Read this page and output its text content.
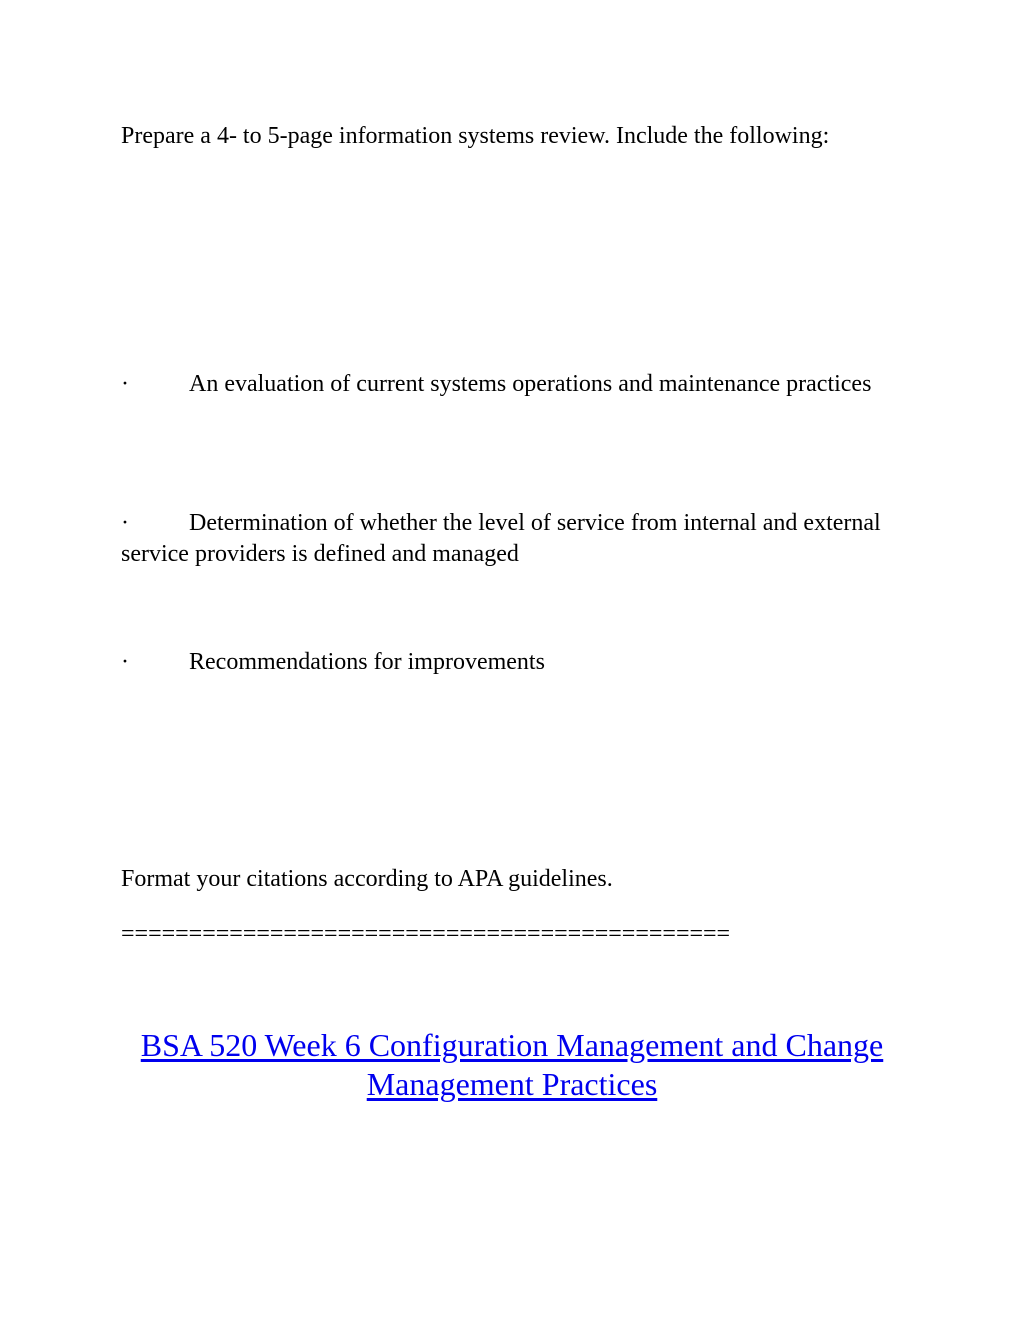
Prepare a 4- to 5-page information systems review. Include the following:

·	An evaluation of current systems operations and maintenance practices

·	Determination of whether the level of service from internal and external service providers is defined and managed

·	Recommendations for improvements

Format your citations according to APA guidelines.

=============================================
BSA 520 Week 6 Configuration Management and Change Management Practices
